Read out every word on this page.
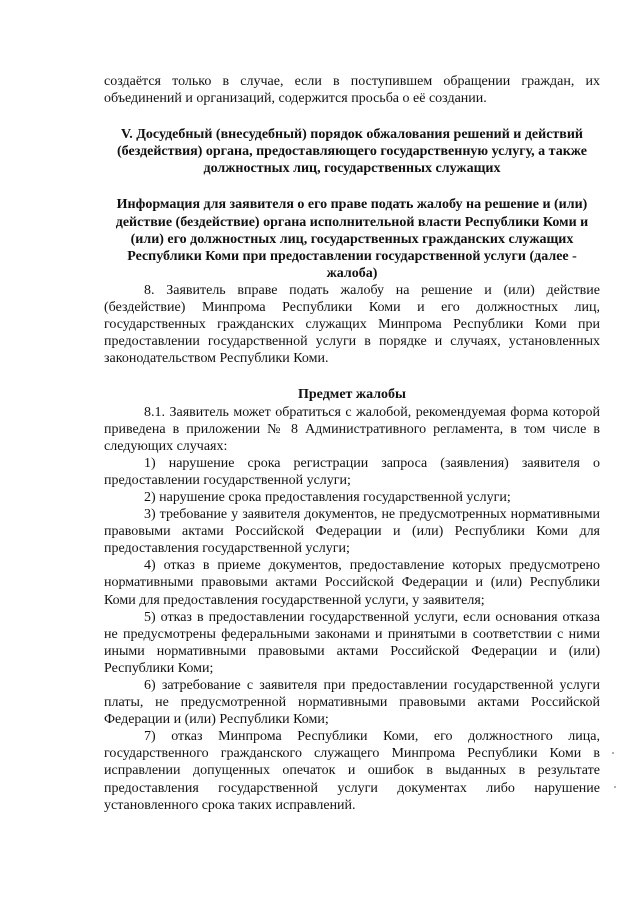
создаётся только в случае, если в поступившем обращении граждан, их объединений и организаций, содержится просьба о её создании.

V. Досудебный (внесудебный) порядок обжалования решений и действий (бездействия) органа, предоставляющего государственную услугу, а также должностных лиц, государственных служащих

Информация для заявителя о его праве подать жалобу на решение и (или) действие (бездействие) органа исполнительной власти Республики Коми и (или) его должностных лиц, государственных гражданских служащих Республики Коми при предоставлении государственной услуги (далее - жалоба)

8. Заявитель вправе подать жалобу на решение и (или) действие (бездействие) Минпрома Республики Коми и его должностных лиц, государственных гражданских служащих Минпрома Республики Коми при предоставлении государственной услуги в порядке и случаях, установленных законодательством Республики Коми.

Предмет жалобы

8.1. Заявитель может обратиться с жалобой, рекомендуемая форма которой приведена в приложении № 8 Административного регламента, в том числе в следующих случаях:

1) нарушение срока регистрации запроса (заявления) заявителя о предоставлении государственной услуги;

2) нарушение срока предоставления государственной услуги;

3) требование у заявителя документов, не предусмотренных нормативными правовыми актами Российской Федерации и (или) Республики Коми для предоставления государственной услуги;

4) отказ в приеме документов, предоставление которых предусмотрено нормативными правовыми актами Российской Федерации и (или) Республики Коми для предоставления государственной услуги, у заявителя;

5) отказ в предоставлении государственной услуги, если основания отказа не предусмотрены федеральными законами и принятыми в соответствии с ними иными нормативными правовыми актами Российской Федерации и (или) Республики Коми;

6) затребование с заявителя при предоставлении государственной услуги платы, не предусмотренной нормативными правовыми актами Российской Федерации и (или) Республики Коми;

7) отказ Минпрома Республики Коми, его должностного лица, государственного гражданского служащего Минпрома Республики Коми в исправлении допущенных опечаток и ошибок в выданных в результате предоставления государственной услуги документах либо нарушение установленного срока таких исправлений.
